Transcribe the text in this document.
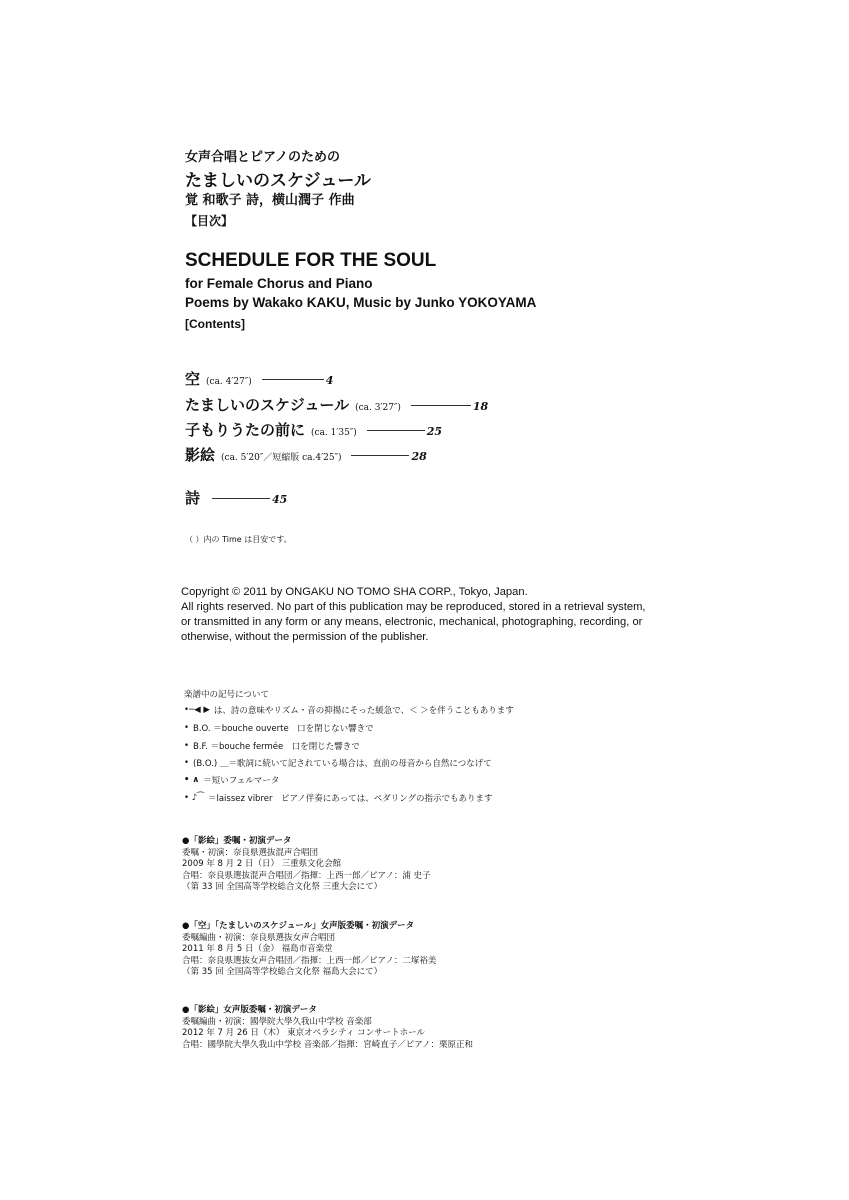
女声合唱とピアノのための
たましいのスケジュール
覚 和歌子 詩，横山潤子 作曲
【目次】
SCHEDULE FOR THE SOUL
for Female Chorus and Piano
Poems by Wakako KAKU, Music by Junko YOKOYAMA
[Contents]
空 (ca. 4′27″)	4
たましいのスケジュール (ca. 3′27″)	18
子もりうたの前に (ca. 1′35″)	25
影絵 (ca. 5′20″／短縮版 ca.4′25″)	28
詩	45
（ ）内の Time は目安です。
Copyright © 2011 by ONGAKU NO TOMO SHA CORP., Tokyo, Japan.
All rights reserved. No part of this publication may be reproduced, stored in a retrieval system,
or transmitted in any form or any means, electronic, mechanical, photographing, recording, or
otherwise, without the permission of the publisher.
楽譜中の記号について
•─◀ ▶ は、詩の意味やリズム・音の抑揚にそった緩急で、＜ ＞を伴うこともあります
• B.O. ＝bouche ouverte　口を閉じない響きで
• B.F. ＝bouche fermée　口を閉じた響きで
• (B.O.) ＿＝歌詞に続いて記されている場合は、直前の母音から自然につなげて
• ∧ ＝短いフェルマータ
• ♪⁀ ＝laissez vibrer　ピアノ伴奏にあっては、ペダリングの指示でもあります
●「影絵」委嘱・初演データ
委嘱・初演：奈良県選抜混声合唱団
2009 年 8 月 2 日（日） 三重県文化会館
合唱：奈良県選抜混声合唱団／指揮：上西一郎／ピアノ：浦 史子
（第 33 回 全国高等学校総合文化祭 三重大会にて）
●「空」「たましいのスケジュール」女声版委嘱・初演データ
委嘱編曲・初演：奈良県選抜女声合唱団
2011 年 8 月 5 日（金） 福島市音楽堂
合唱：奈良県選抜女声合唱団／指揮：上西一郎／ピアノ：二塚裕美
（第 35 回 全国高等学校総合文化祭 福島大会にて）
●「影絵」女声版委嘱・初演データ
委嘱編曲・初演：國學院大學久我山中学校 音楽部
2012 年 7 月 26 日（木） 東京オペラシティ コンサートホール
合唱：國學院大學久我山中学校 音楽部／指揮：宮崎直子／ピアノ：栗原正和
